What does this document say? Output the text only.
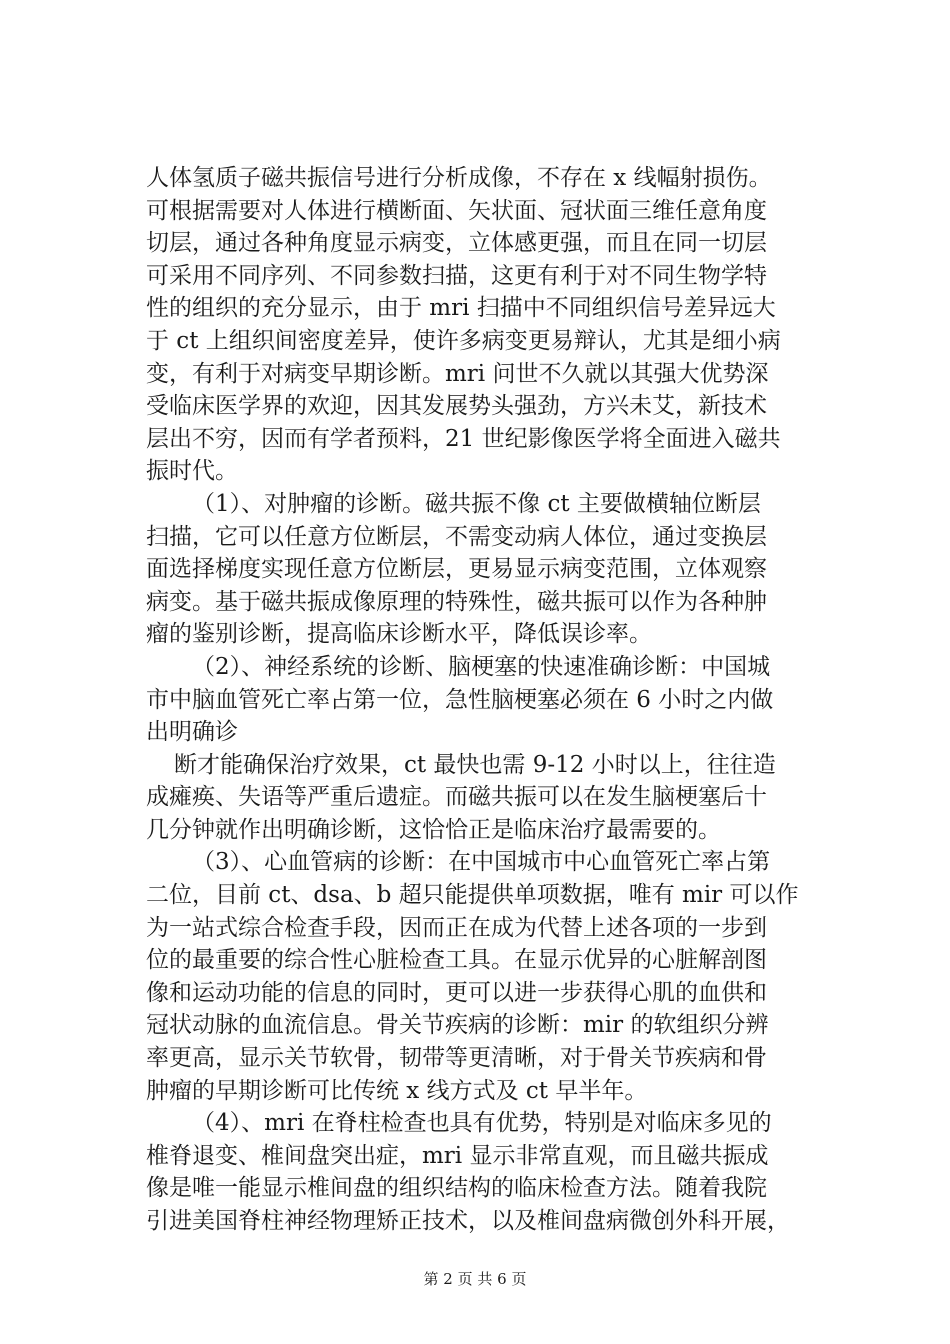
人体氢质子磁共振信号进行分析成像，不存在 x 线幅射损伤。
可根据需要对人体进行横断面、矢状面、冠状面三维任意角度
切层，通过各种角度显示病变，立体感更强，而且在同一切层
可采用不同序列、不同参数扫描，这更有利于对不同生物学特
性的组织的充分显示，由于 mri 扫描中不同组织信号差异远大
于 ct 上组织间密度差异，使许多病变更易辩认，尤其是细小病
变，有利于对病变早期诊断。mri 问世不久就以其强大优势深
受临床医学界的欢迎，因其发展势头强劲，方兴未艾，新技术
层出不穷，因而有学者预料，21 世纪影像医学将全面进入磁共
振时代。
（1）、对肿瘤的诊断。磁共振不像 ct 主要做横轴位断层
扫描，它可以任意方位断层，不需变动病人体位，通过变换层
面选择梯度实现任意方位断层，更易显示病变范围，立体观察
病变。基于磁共振成像原理的特殊性，磁共振可以作为各种肿
瘤的鉴别诊断，提高临床诊断水平，降低误诊率。
（2）、神经系统的诊断、脑梗塞的快速准确诊断：中国城
市中脑血管死亡率占第一位，急性脑梗塞必须在 6 小时之内做
出明确诊
断才能确保治疗效果，ct 最快也需 9-12 小时以上，往往造
成瘫痪、失语等严重后遗症。而磁共振可以在发生脑梗塞后十
几分钟就作出明确诊断，这恰恰正是临床治疗最需要的。
（3）、心血管病的诊断：在中国城市中心血管死亡率占第
二位，目前 ct、dsa、b 超只能提供单项数据，唯有 mir 可以作
为一站式综合检查手段，因而正在成为代替上述各项的一步到
位的最重要的综合性心脏检查工具。在显示优异的心脏解剖图
像和运动功能的信息的同时，更可以进一步获得心肌的血供和
冠状动脉的血流信息。骨关节疾病的诊断：mir 的软组织分辨
率更高，显示关节软骨，韧带等更清晰，对于骨关节疾病和骨
肿瘤的早期诊断可比传统 x 线方式及 ct 早半年。
（4）、mri 在脊柱检查也具有优势，特别是对临床多见的
椎脊退变、椎间盘突出症，mri 显示非常直观，而且磁共振成
像是唯一能显示椎间盘的组织结构的临床检查方法。随着我院
引进美国脊柱神经物理矫正技术，以及椎间盘病微创外科开展，
第 2 页 共 6 页
